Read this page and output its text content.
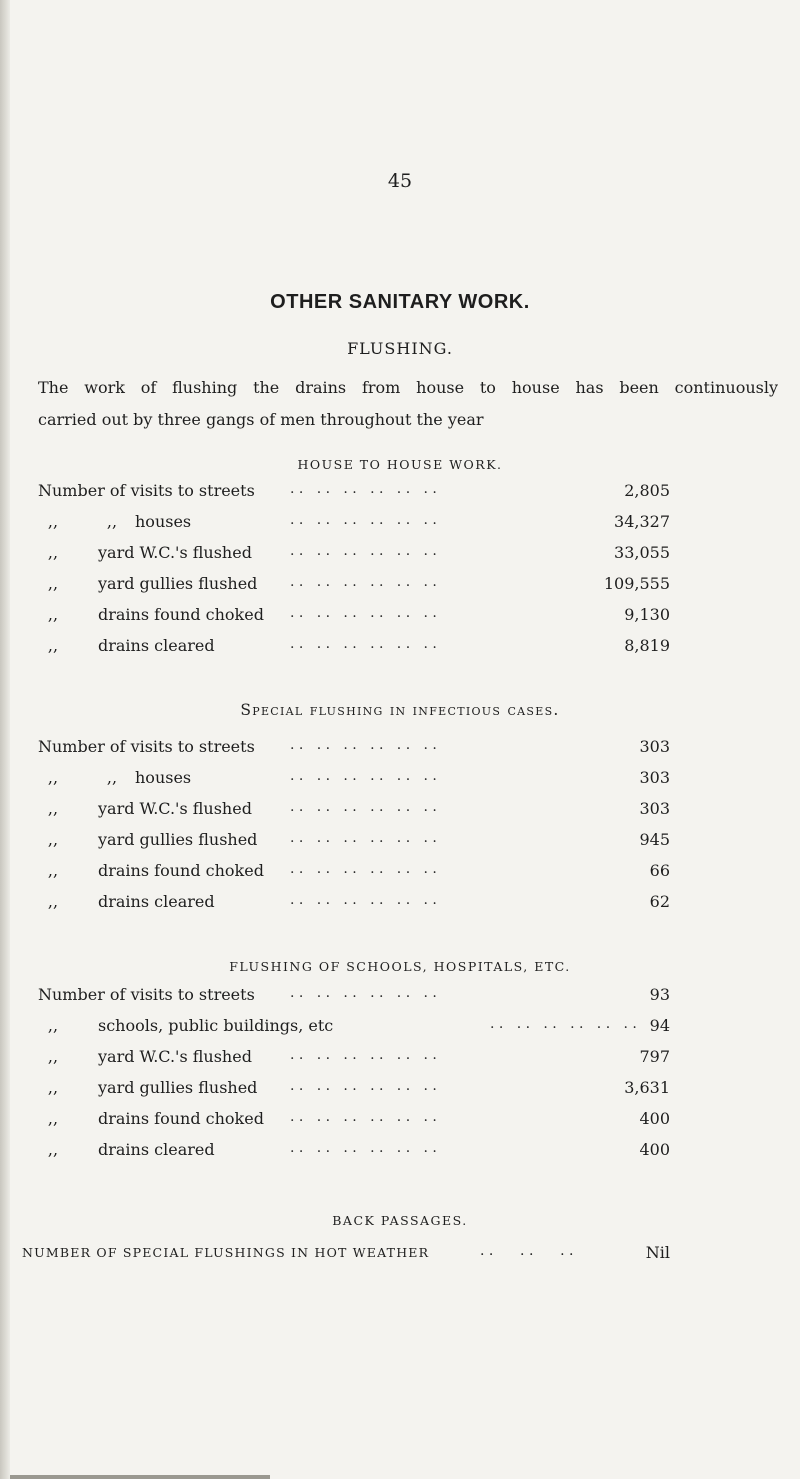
45
OTHER SANITARY WORK.
FLUSHING.
The work of flushing the drains from house to house has been continuously
carried out by three gangs of men throughout the year
HOUSE TO HOUSE WORK.
Number of visits to streets	. .   . .   . .   . .   . .   . .	2,805
,,	,,	houses	. .   . .   . .   . .   . .   . .	34,327
,,	yard W.C.'s flushed	. .   . .   . .   . .   . .   . .	33,055
,,	yard gullies flushed . .   . .   . .   . .   . .   . .	109,555
,,	drains found choked . .   . .   . .   . .   . .   . .	9,130
,,	drains cleared	. .   . .   . .   . .   . .   . .	8,819
Special flushing in infectious cases.
Number of visits to streets	. .   . .   . .   . .   . .   . .	303
,,	,,	houses	. .   . .   . .   . .   . .   . .	303
,,	yard W.C.'s flushed	. .   . .   . .   . .   . .   . .	303
,,	yard gullies flushed . .   . .   . .   . .   . .   . .	945
,,	drains found choked . .   . .   . .   . .   . .   . .	66
,,	drains cleared	. .   . .   . .   . .   . .   . .	62
FLUSHING OF SCHOOLS, HOSPITALS, ETC.
Number of visits to streets	. .   . .   . .   . .   . .   . .	93
,,	schools, public buildings, etc	. .   . .   . .   . .   . .   . . 94
,,	yard W.C.'s flushed	. .   . .   . .   . .   . .   . .	797
,,	yard gullies flushed . .   . .   . .   . .   . .   . .	3,631
,,	drains found choked . .   . .   . .   . .   . .   . .	400
,,	drains cleared	. .   . .   . .   . .   . .   . .	400
BACK PASSAGES.
NUMBER OF SPECIAL FLUSHINGS IN HOT WEATHER	. .      . .      . .	Nil
